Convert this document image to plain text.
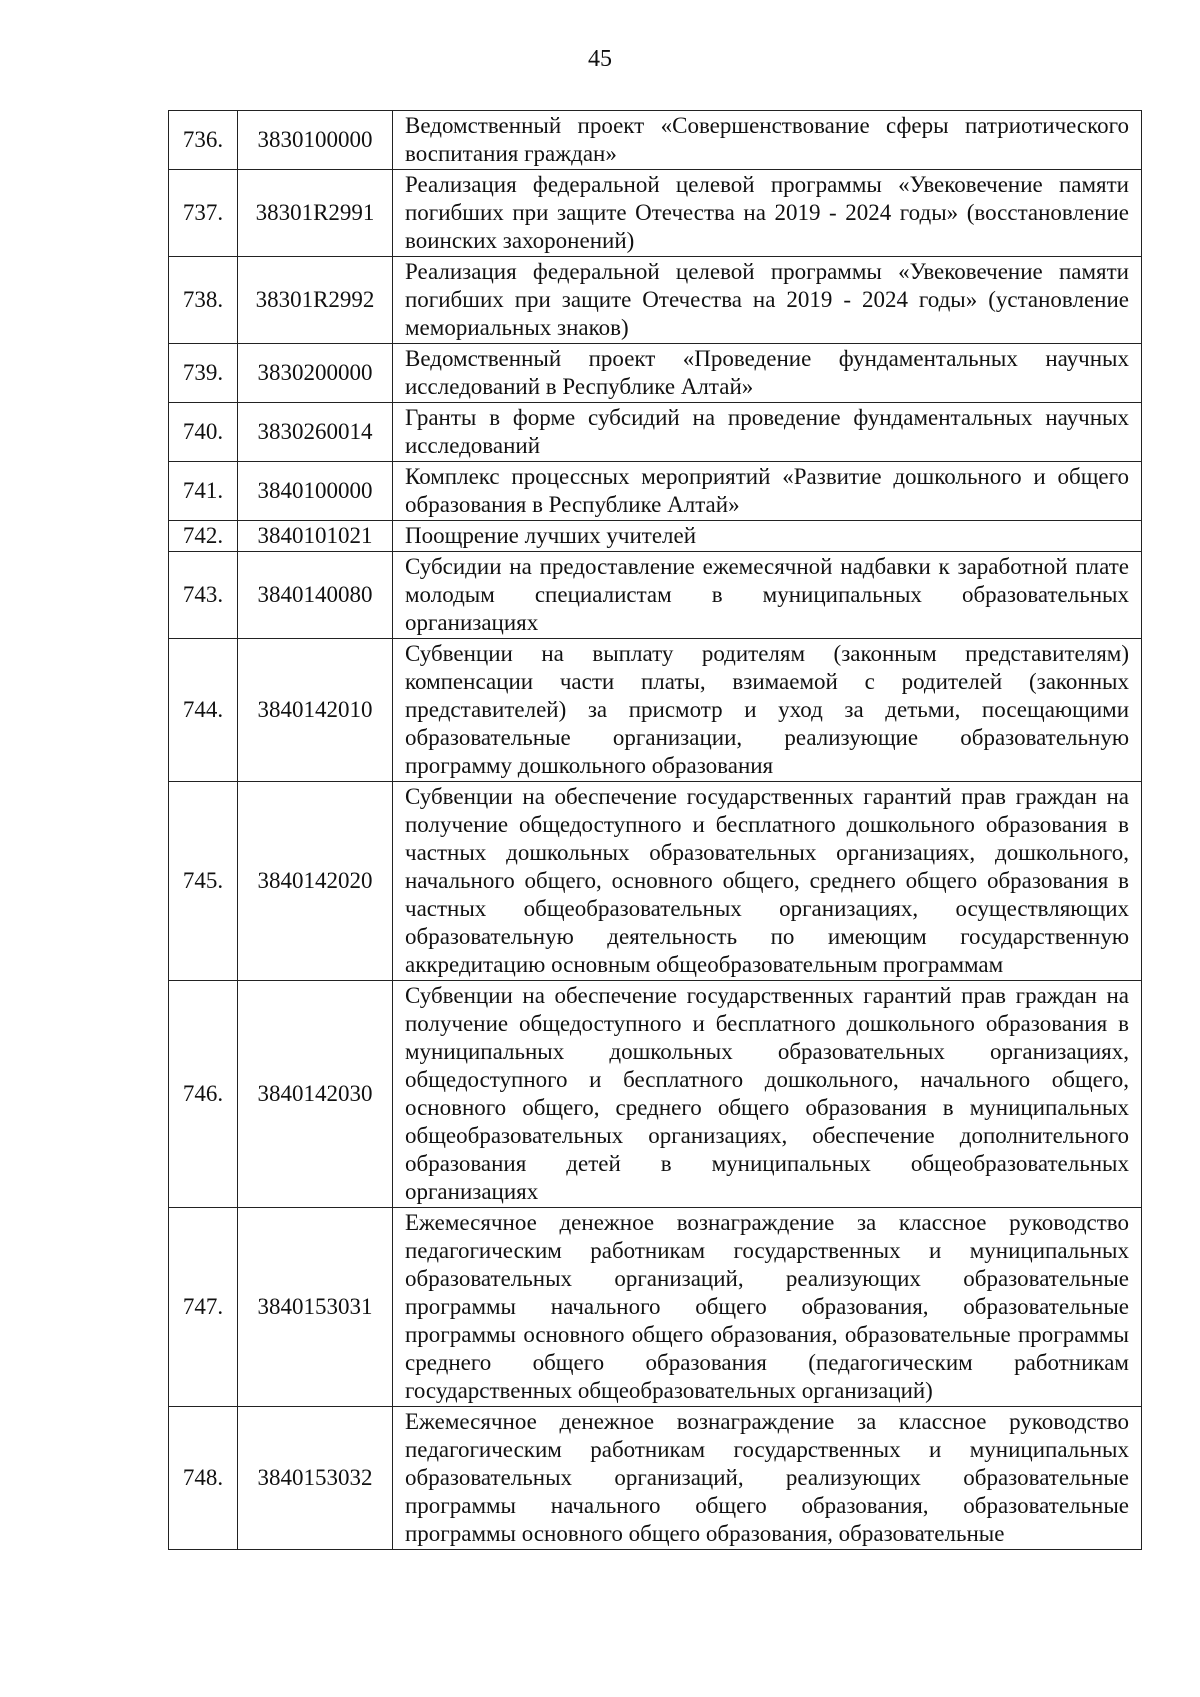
45
736.	3830100000	Ведомственный проект «Совершенствование сферы патриотического воспитания граждан»
737.	38301R2991	Реализация федеральной целевой программы «Увековечение памяти погибших при защите Отечества на 2019 - 2024 годы» (восстановление воинских захоронений)
738.	38301R2992	Реализация федеральной целевой программы «Увековечение памяти погибших при защите Отечества на 2019 - 2024 годы» (установление мемориальных знаков)
739.	3830200000	Ведомственный проект «Проведение фундаментальных научных исследований в Республике Алтай»
740.	3830260014	Гранты в форме субсидий на проведение фундаментальных научных исследований
741.	3840100000	Комплекс процессных мероприятий «Развитие дошкольного и общего образования в Республике Алтай»
742.	3840101021	Поощрение лучших учителей
743.	3840140080	Субсидии на предоставление ежемесячной надбавки к заработной плате молодым специалистам в муниципальных образовательных организациях
744.	3840142010	Субвенции на выплату родителям (законным представителям) компенсации части платы, взимаемой с родителей (законных представителей) за присмотр и уход за детьми, посещающими образовательные организации, реализующие образовательную программу дошкольного образования
745.	3840142020	Субвенции на обеспечение государственных гарантий прав граждан на получение общедоступного и бесплатного дошкольного образования в частных дошкольных образовательных организациях, дошкольного, начального общего, основного общего, среднего общего образования в частных общеобразовательных организациях, осуществляющих образовательную деятельность по имеющим государственную аккредитацию основным общеобразовательным программам
746.	3840142030	Субвенции на обеспечение государственных гарантий прав граждан на получение общедоступного и бесплатного дошкольного образования в муниципальных дошкольных образовательных организациях, общедоступного и бесплатного дошкольного, начального общего, основного общего, среднего общего образования в муниципальных общеобразовательных организациях, обеспечение дополнительного образования детей в муниципальных общеобразовательных организациях
747.	3840153031	Ежемесячное денежное вознаграждение за классное руководство педагогическим работникам государственных и муниципальных образовательных организаций, реализующих образовательные программы начального общего образования, образовательные программы основного общего образования, образовательные программы среднего общего образования (педагогическим работникам государственных общеобразовательных организаций)
748.	3840153032	Ежемесячное денежное вознаграждение за классное руководство педагогическим работникам государственных и муниципальных образовательных организаций, реализующих образовательные программы начального общего образования, образовательные программы основного общего образования, образовательные
